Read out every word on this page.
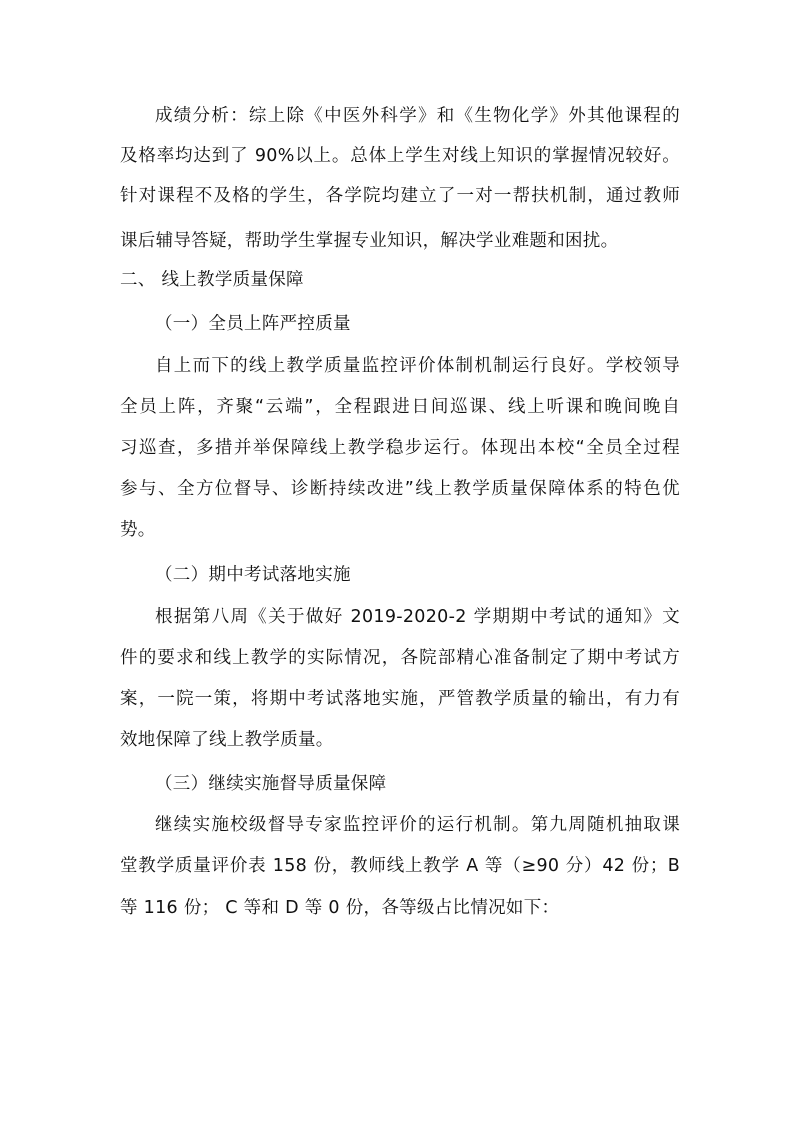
成绩分析：综上除《中医外科学》和《生物化学》外其他课程的
及格率均达到了 90%以上。总体上学生对线上知识的掌握情况较好。
针对课程不及格的学生，各学院均建立了一对一帮扶机制，通过教师
课后辅导答疑，帮助学生掌握专业知识，解决学业难题和困扰。
二、 线上教学质量保障
（一）全员上阵严控质量
自上而下的线上教学质量监控评价体制机制运行良好。学校领导
全员上阵，齐聚“云端”，全程跟进日间巡课、线上听课和晚间晚自
习巡查，多措并举保障线上教学稳步运行。体现出本校“全员全过程
参与、全方位督导、诊断持续改进”线上教学质量保障体系的特色优
势。
（二）期中考试落地实施
根据第八周《关于做好 2019-2020-2 学期期中考试的通知》文
件的要求和线上教学的实际情况，各院部精心准备制定了期中考试方
案，一院一策，将期中考试落地实施，严管教学质量的输出，有力有
效地保障了线上教学质量。
（三）继续实施督导质量保障
继续实施校级督导专家监控评价的运行机制。第九周随机抽取课
堂教学质量评价表 158 份，教师线上教学 A 等（≥90 分）42 份；B
等 116 份； C 等和 D 等 0 份，各等级占比情况如下：
